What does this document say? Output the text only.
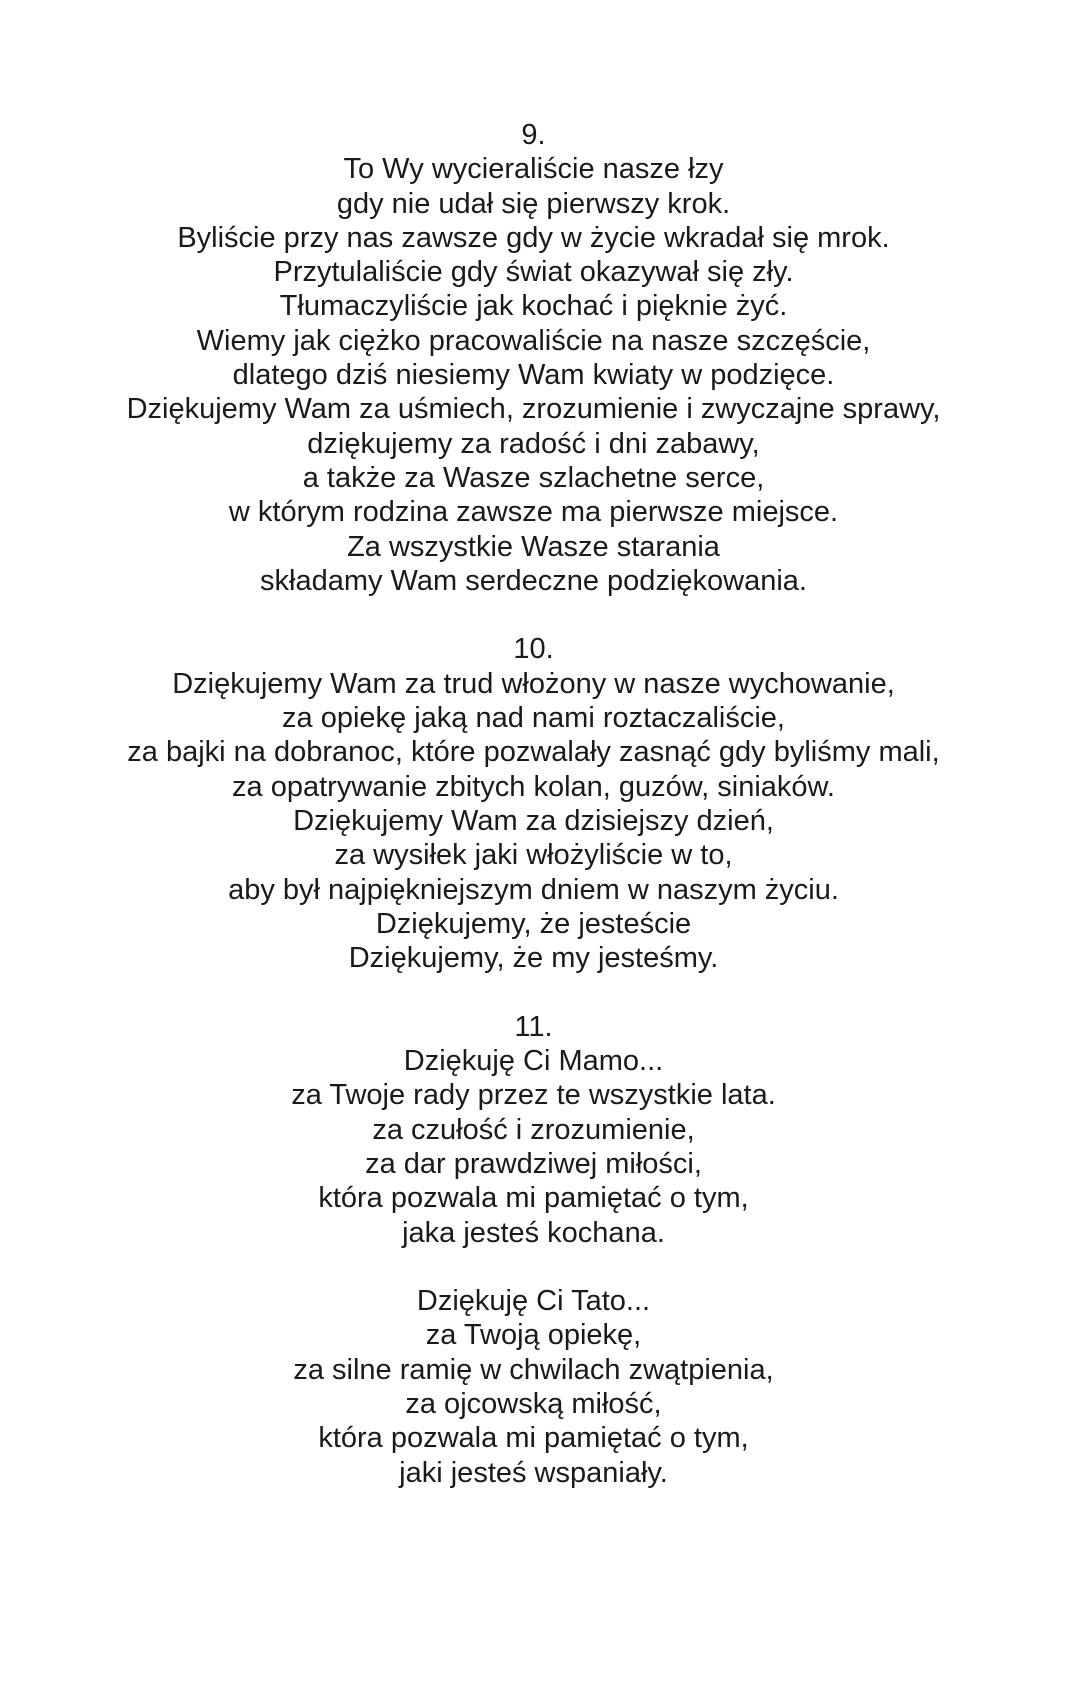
9.
To Wy wycieraliście nasze łzy
gdy nie udał się pierwszy krok.
Byliście przy nas zawsze gdy w życie wkradał się mrok.
Przytulaliście gdy świat okazywał się zły.
Tłumaczyliście jak kochać i pięknie żyć.
Wiemy jak ciężko pracowaliście na nasze szczęście,
dlatego dziś niesiemy Wam kwiaty w podzięce.
Dziękujemy Wam za uśmiech, zrozumienie i zwyczajne sprawy,
dziękujemy za radość i dni zabawy,
a także za Wasze szlachetne serce,
w którym rodzina zawsze ma pierwsze miejsce.
Za wszystkie Wasze starania
składamy Wam serdeczne podziękowania.
10.
Dziękujemy Wam za trud włożony w nasze wychowanie,
za opiekę jaką nad nami roztaczaliście,
za bajki na dobranoc, które pozwalały zasnąć gdy byliśmy mali,
za opatrywanie zbitych kolan, guzów, siniaków.
Dziękujemy Wam za dzisiejszy dzień,
za wysiłek jaki włożyliście w to,
aby był najpiękniejszym dniem w naszym życiu.
Dziękujemy, że jesteście
Dziękujemy, że my jesteśmy.
11.
Dziękuję Ci Mamo...
za Twoje rady przez te wszystkie lata.
za czułość i zrozumienie,
za dar prawdziwej miłości,
która pozwala mi pamiętać o tym,
jaka jesteś kochana.
Dziękuję Ci Tato...
za Twoją opiekę,
za silne ramię w chwilach zwątpienia,
za ojcowską miłość,
która pozwala mi pamiętać o tym,
jaki jesteś wspaniały.
